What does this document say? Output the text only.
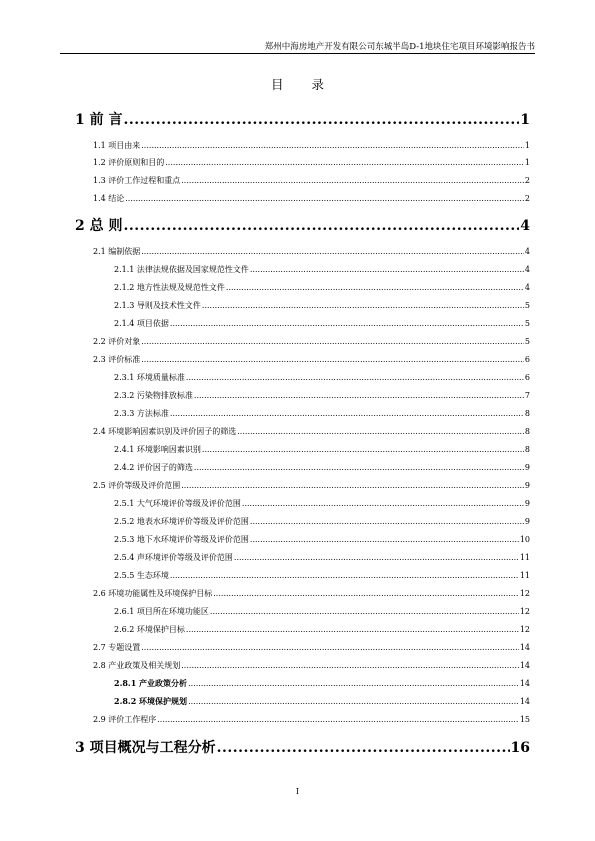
郑州中海房地产开发有限公司东城半岛D-1地块住宅项目环境影响报告书
目 录
1 前 言 .....	1
1.1 项目由来 .....	1
1.2 评价原则和目的 .....	1
1.3 评价工作过程和重点 .....	2
1.4 结论 .....	2
2 总 则 .....	4
2.1 编制依据 .....	4
2.1.1 法律法规依据及国家规范性文件 .....	4
2.1.2 地方性法规及规范性文件 .....	4
2.1.3 导则及技术性文件 .....	5
2.1.4 项目依据 .....	5
2.2 评价对象 .....	5
2.3 评价标准 .....	6
2.3.1 环境质量标准 .....	6
2.3.2 污染物排放标准 .....	7
2.3.3 方法标准 .....	8
2.4 环境影响因素识别及评价因子的筛选 .....	8
2.4.1 环境影响因素识别 .....	8
2.4.2 评价因子的筛选 .....	9
2.5 评价等级及评价范围 .....	9
2.5.1 大气环境评价等级及评价范围 .....	9
2.5.2 地表水环境评价等级及评价范围 .....	9
2.5.3 地下水环境评价等级及评价范围 .....	10
2.5.4 声环境评价等级及评价范围 .....	11
2.5.5 生态环境 .....	11
2.6 环境功能属性及环境保护目标 .....	12
2.6.1 项目所在环境功能区 .....	12
2.6.2 环境保护目标 .....	12
2.7 专题设置 .....	14
2.8 产业政策及相关规划 .....	14
2.8.1 产业政策分析 .....	14
2.8.2 环境保护规划 .....	14
2.9 评价工作程序 .....	15
3 项目概况与工程分析 .....	16
I
